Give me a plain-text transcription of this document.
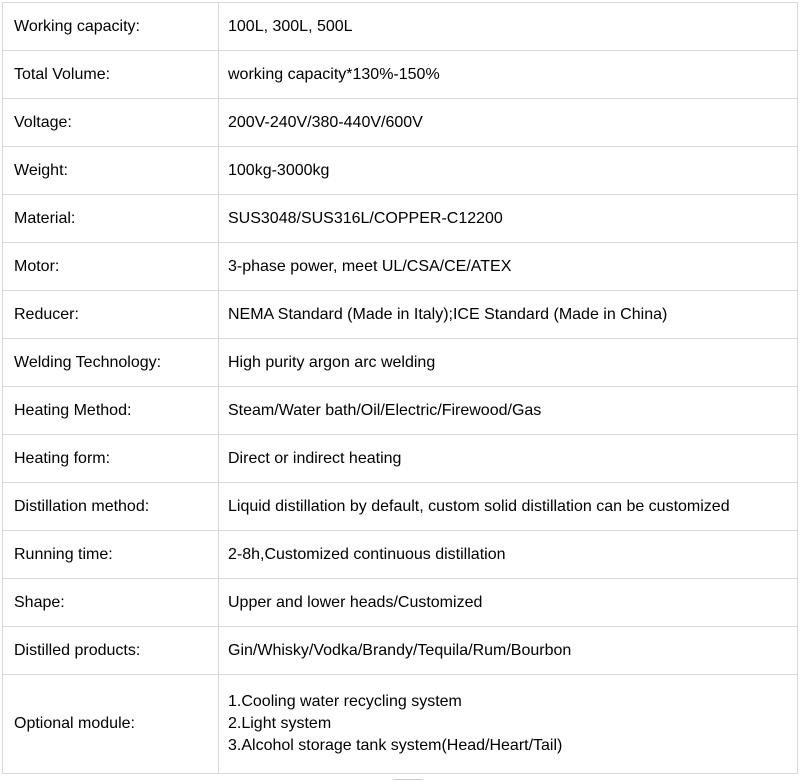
Working capacity:	100L, 300L, 500L
Total Volume:	working capacity*130%-150%
Voltage:	200V-240V/380-440V/600V
Weight:	100kg-3000kg
Material:	SUS3048/SUS316L/COPPER-C12200
Motor:	3-phase power, meet UL/CSA/CE/ATEX
Reducer:	NEMA Standard (Made in Italy);ICE Standard (Made in China)
Welding Technology:	High purity argon arc welding
Heating Method:	Steam/Water bath/Oil/Electric/Firewood/Gas
Heating form:	Direct or indirect heating
Distillation method:	Liquid distillation by default, custom solid distillation can be customized
Running time:	2-8h,Customized continuous distillation
Shape:	Upper and lower heads/Customized
Distilled products:	Gin/Whisky/Vodka/Brandy/Tequila/Rum/Bourbon
Optional module:	1.Cooling water recycling system
2.Light system
3.Alcohol storage tank system(Head/Heart/Tail)
